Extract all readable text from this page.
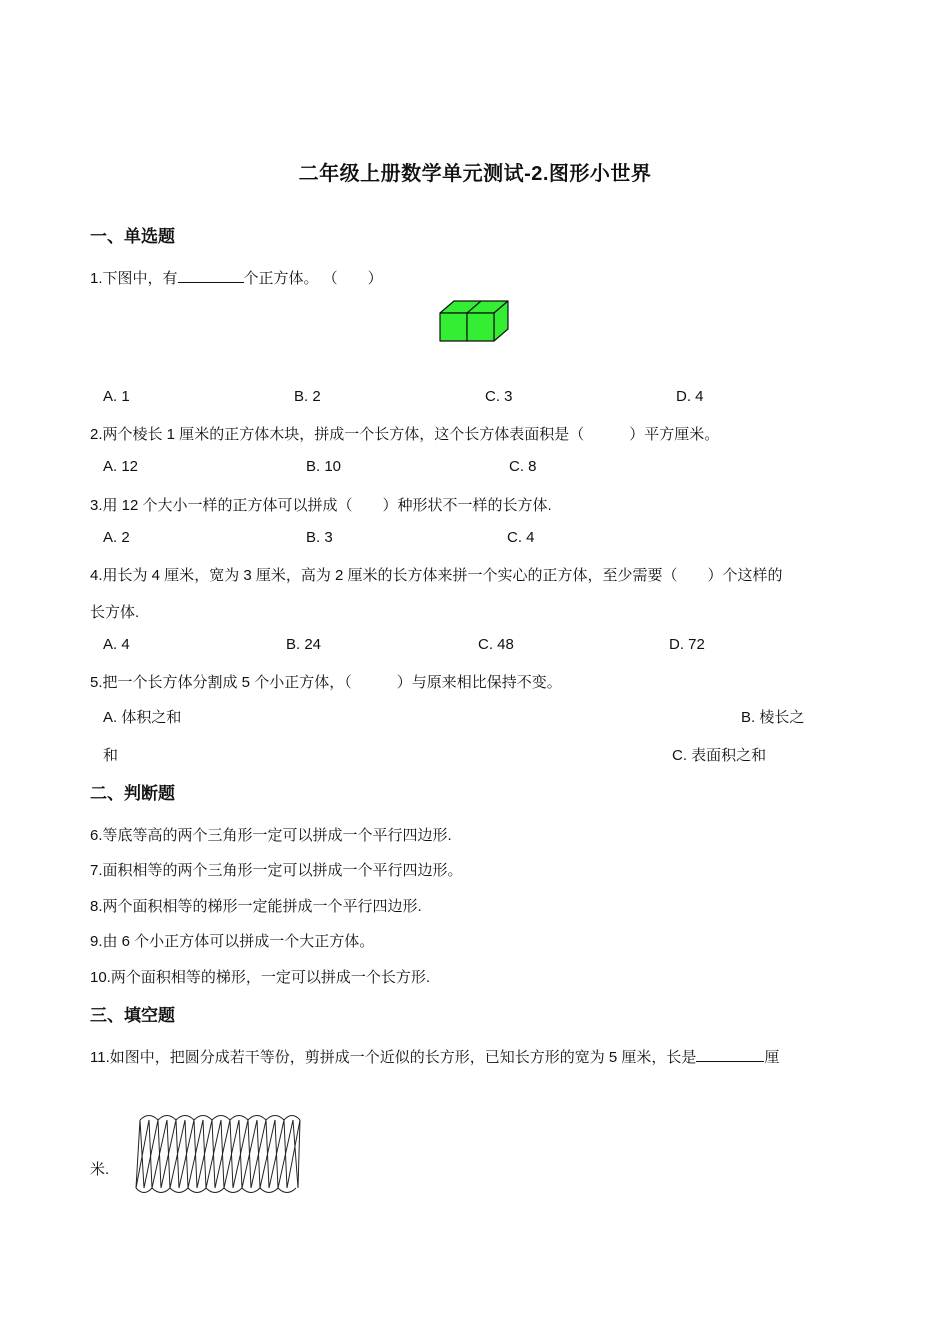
二年级上册数学单元测试-2.图形小世界
一、单选题
1.下图中，有	个正方体。 （　　）
A. 1	B. 2	C. 3	D. 4
2.两个棱长 1 厘米的正方体木块，拼成一个长方体，这个长方体表面积是（　　　）平方厘米。
A. 12	B. 10	C. 8
3.用 12 个大小一样的正方体可以拼成（　　）种形状不一样的长方体.
A. 2	B. 3	C. 4
4.用长为 4 厘米，宽为 3 厘米，高为 2 厘米的长方体来拼一个实心的正方体，至少需要（　　）个这样的
长方体.
A. 4	B. 24	C. 48	D. 72
5.把一个长方体分割成 5 个小正方体，（　　　）与原来相比保持不变。
A. 体积之和	B. 棱长之
和	C. 表面积之和
二、判断题
6.等底等高的两个三角形一定可以拼成一个平行四边形.
7.面积相等的两个三角形一定可以拼成一个平行四边形。
8.两个面积相等的梯形一定能拼成一个平行四边形.
9.由 6 个小正方体可以拼成一个大正方体。
10.两个面积相等的梯形，一定可以拼成一个长方形.
三、填空题
11.如图中，把圆分成若干等份，剪拼成一个近似的长方形，已知长方形的宽为 5 厘米，长是	厘
米.
